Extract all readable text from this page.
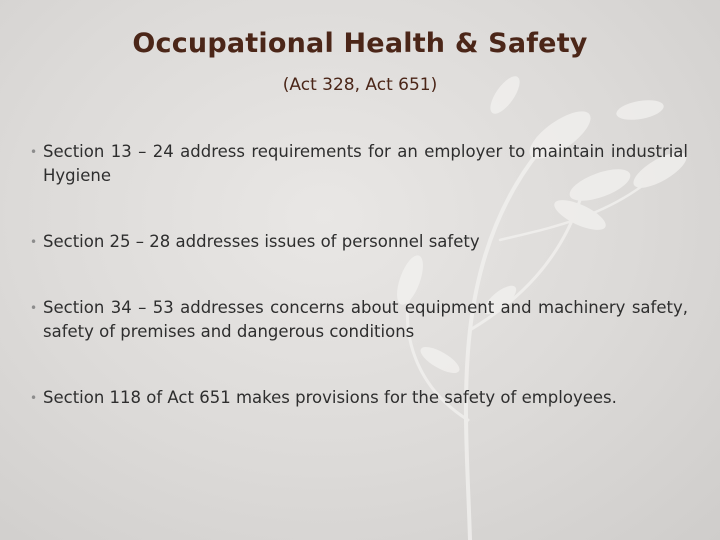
Occupational Health & Safety
(Act 328, Act 651)
• Section 13 – 24 address requirements for an employer to maintain industrial Hygiene
• Section 25 – 28 addresses issues of personnel safety
• Section 34 – 53 addresses concerns about equipment and machinery safety, safety of premises and dangerous conditions
• Section 118 of Act 651 makes provisions for the safety of employees.
